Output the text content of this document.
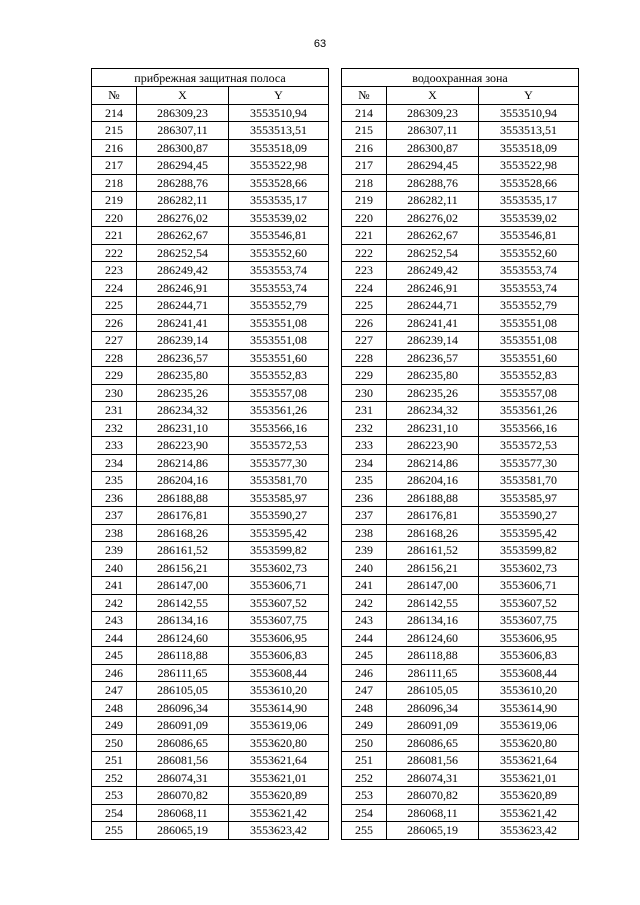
63
прибрежная защитная полоса		
№	X	Y
214	286309,23	3553510,94
215	286307,11	3553513,51
216	286300,87	3553518,09
217	286294,45	3553522,98
218	286288,76	3553528,66
219	286282,11	3553535,17
220	286276,02	3553539,02
221	286262,67	3553546,81
222	286252,54	3553552,60
223	286249,42	3553553,74
224	286246,91	3553553,74
225	286244,71	3553552,79
226	286241,41	3553551,08
227	286239,14	3553551,08
228	286236,57	3553551,60
229	286235,80	3553552,83
230	286235,26	3553557,08
231	286234,32	3553561,26
232	286231,10	3553566,16
233	286223,90	3553572,53
234	286214,86	3553577,30
235	286204,16	3553581,70
236	286188,88	3553585,97
237	286176,81	3553590,27
238	286168,26	3553595,42
239	286161,52	3553599,82
240	286156,21	3553602,73
241	286147,00	3553606,71
242	286142,55	3553607,52
243	286134,16	3553607,75
244	286124,60	3553606,95
245	286118,88	3553606,83
246	286111,65	3553608,44
247	286105,05	3553610,20
248	286096,34	3553614,90
249	286091,09	3553619,06
250	286086,65	3553620,80
251	286081,56	3553621,64
252	286074,31	3553621,01
253	286070,82	3553620,89
254	286068,11	3553621,42
255	286065,19	3553623,42
водоохранная зона		
№	X	Y
214	286309,23	3553510,94
215	286307,11	3553513,51
216	286300,87	3553518,09
217	286294,45	3553522,98
218	286288,76	3553528,66
219	286282,11	3553535,17
220	286276,02	3553539,02
221	286262,67	3553546,81
222	286252,54	3553552,60
223	286249,42	3553553,74
224	286246,91	3553553,74
225	286244,71	3553552,79
226	286241,41	3553551,08
227	286239,14	3553551,08
228	286236,57	3553551,60
229	286235,80	3553552,83
230	286235,26	3553557,08
231	286234,32	3553561,26
232	286231,10	3553566,16
233	286223,90	3553572,53
234	286214,86	3553577,30
235	286204,16	3553581,70
236	286188,88	3553585,97
237	286176,81	3553590,27
238	286168,26	3553595,42
239	286161,52	3553599,82
240	286156,21	3553602,73
241	286147,00	3553606,71
242	286142,55	3553607,52
243	286134,16	3553607,75
244	286124,60	3553606,95
245	286118,88	3553606,83
246	286111,65	3553608,44
247	286105,05	3553610,20
248	286096,34	3553614,90
249	286091,09	3553619,06
250	286086,65	3553620,80
251	286081,56	3553621,64
252	286074,31	3553621,01
253	286070,82	3553620,89
254	286068,11	3553621,42
255	286065,19	3553623,42
